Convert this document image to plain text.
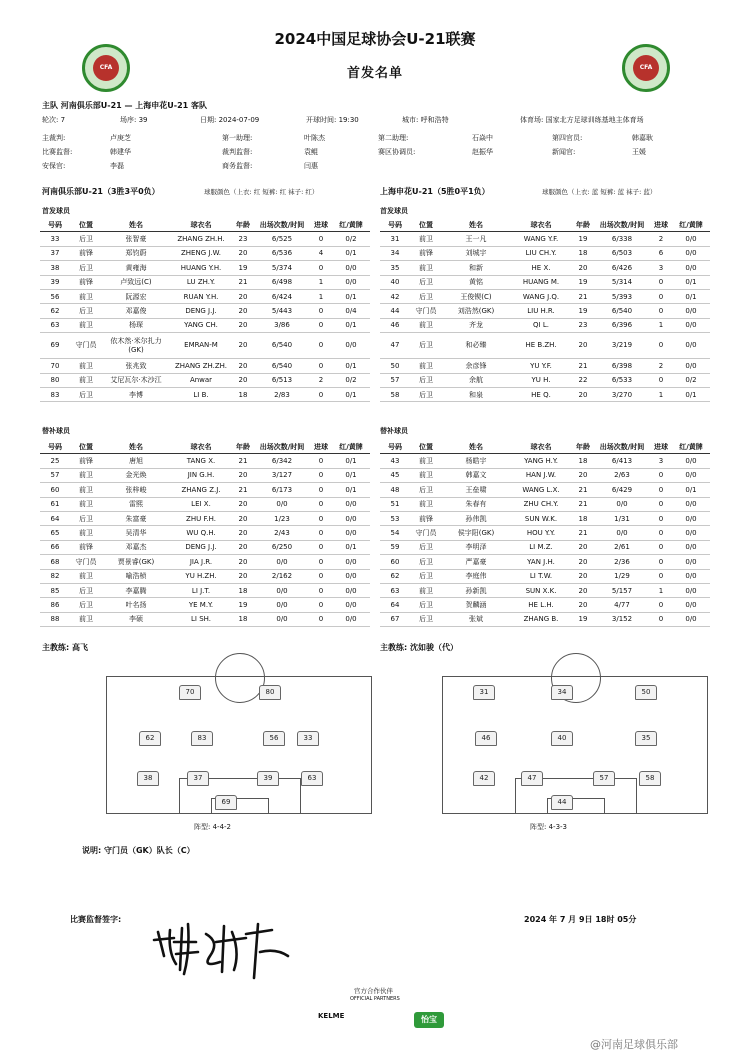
CFA	CFA
2024中国足球协会U-21联赛
首发名单
主队 河南俱乐部U-21 — 上海申花U-21 客队
轮次: 7	场序: 39	日期: 2024-07-09	开球时间: 19:30	城市: 呼和浩特	体育场: 国家北方足球训练基地主体育场
主裁判:	卢庚芝	第一助理:	叶陈杰	第二助理:	石焱中	第四官员:	韩嘉耿
比赛监督:	韩建华	裁判监督:	袁鲲	赛区协调员:	赵振华	新闻官:	王媛
安保官:	李磊	商务监督:	闫惠
河南俱乐部U-21（3胜3平0负）	球服颜色（上衣: 红 短裤: 红 袜子: 红）	上海申花U-21（5胜0平1负）	球服颜色（上衣: 蓝 短裤: 蓝 袜子: 蓝）
首发球员	首发球员
号码	位置	姓名	球衣名	年龄	出场次数/时间	进球	红/黄牌
33	后卫	张智豪	ZHANG ZH.H.	23	6/525	0	0/2
37	前锋	郑钧蔚	ZHENG J.W.	20	6/536	4	0/1
38	后卫	黄雍海	HUANG Y.H.	19	5/374	0	0/0
39	前锋	卢致远(C)	LU ZH.Y.	21	6/498	1	0/0
56	前卫	阮源宏	RUAN Y.H.	20	6/424	1	0/1
62	后卫	邓嘉俊	DENG J.J.	20	5/443	0	0/4
63	前卫	杨琛	YANG CH.	20	3/86	0	0/1
69	守门员	依木然·米尔扎力(GK)	EMRAN-M	20	6/540	0	0/0
70	前卫	张兆致	ZHANG ZH.ZH.	20	6/540	0	0/1
80	前卫	艾尼瓦尔·木沙江	Anwar	20	6/513	2	0/2
83	后卫	李博	LI B.	18	2/83	0	0/1
号码	位置	姓名	球衣名	年龄	出场次数/时间	进球	红/黄牌
31	前卫	王一凡	WANG Y.F.	19	6/338	2	0/0
34	前锋	刘城宇	LIU CH.Y.	18	6/503	6	0/0
35	前卫	和新	HE X.	20	6/426	3	0/0
40	后卫	黄铭	HUANG M.	19	5/314	0	0/1
42	后卫	王俊锲(C)	WANG J.Q.	21	5/393	0	0/1
44	守门员	刘浩然(GK)	LIU H.R.	19	6/540	0	0/0
46	前卫	齐龙	QI L.	23	6/396	1	0/0
47	后卫	和必臻	HE B.ZH.	20	3/219	0	0/0
50	前卫	余彦锋	YU Y.F.	21	6/398	2	0/0
57	后卫	余航	YU H.	22	6/533	0	0/2
58	后卫	和泉	HE Q.	20	3/270	1	0/1
替补球员	替补球员
号码	位置	姓名	球衣名	年龄	出场次数/时间	进球	红/黄牌
25	前锋	唐旭	TANG X.	21	6/342	0	0/1
57	前卫	金光焕	JIN G.H.	20	3/127	0	0/1
60	前卫	张梓峻	ZHANG Z.J.	21	6/173	0	0/1
61	前卫	雷熙	LEI X.	20	0/0	0	0/0
64	后卫	朱富豪	ZHU F.H.	20	1/23	0	0/0
65	前卫	吴清华	WU Q.H.	20	2/43	0	0/0
66	前锋	邓嘉杰	DENG J.J.	20	6/250	0	0/1
68	守门员	贾景睿(GK)	JIA J.R.	20	0/0	0	0/0
82	前卫	喻浩桢	YU H.ZH.	20	2/162	0	0/0
85	后卫	李嘉腾	LI J.T.	18	0/0	0	0/0
86	后卫	叶名扬	YE M.Y.	19	0/0	0	0/0
88	前卫	李硕	LI SH.	18	0/0	0	0/0
号码	位置	姓名	球衣名	年龄	出场次数/时间	进球	红/黄牌
43	前卫	杨皓宇	YANG H.Y.	18	6/413	3	0/0
45	前卫	韩嘉文	HAN J.W.	20	2/63	0	0/0
48	后卫	王垒啸	WANG L.X.	21	6/429	0	0/1
51	前卫	朱春有	ZHU CH.Y.	21	0/0	0	0/0
53	前锋	孙伟凯	SUN W.K.	18	1/31	0	0/0
54	守门员	侯宇阳(GK)	HOU Y.Y.	21	0/0	0	0/0
59	后卫	李明泽	LI M.Z.	20	2/61	0	0/0
60	后卫	严嘉豪	YAN J.H.	20	2/36	0	0/0
62	后卫	李庭伟	LI T.W.	20	1/29	0	0/0
63	前卫	孙新凯	SUN X.K.	20	5/157	1	0/0
64	后卫	贺麟涵	HE L.H.	20	4/77	0	0/0
67	后卫	张斌	ZHANG B.	19	3/152	0	0/0
主教练: 高飞	主教练: 沈如骏（代）
70	80
62	83	56	33
38	37	39	63
69
31	34	50
46	40	35
42	47	57	58
44
阵型: 4-4-2	阵型: 4-3-3
说明: 守门员（GK）队长（C）
比赛监督签字:	2024 年 7 月 9日 18时 05分
官方合作伙伴
OFFICIAL PARTNERS
KELME	怡宝
@河南足球俱乐部
